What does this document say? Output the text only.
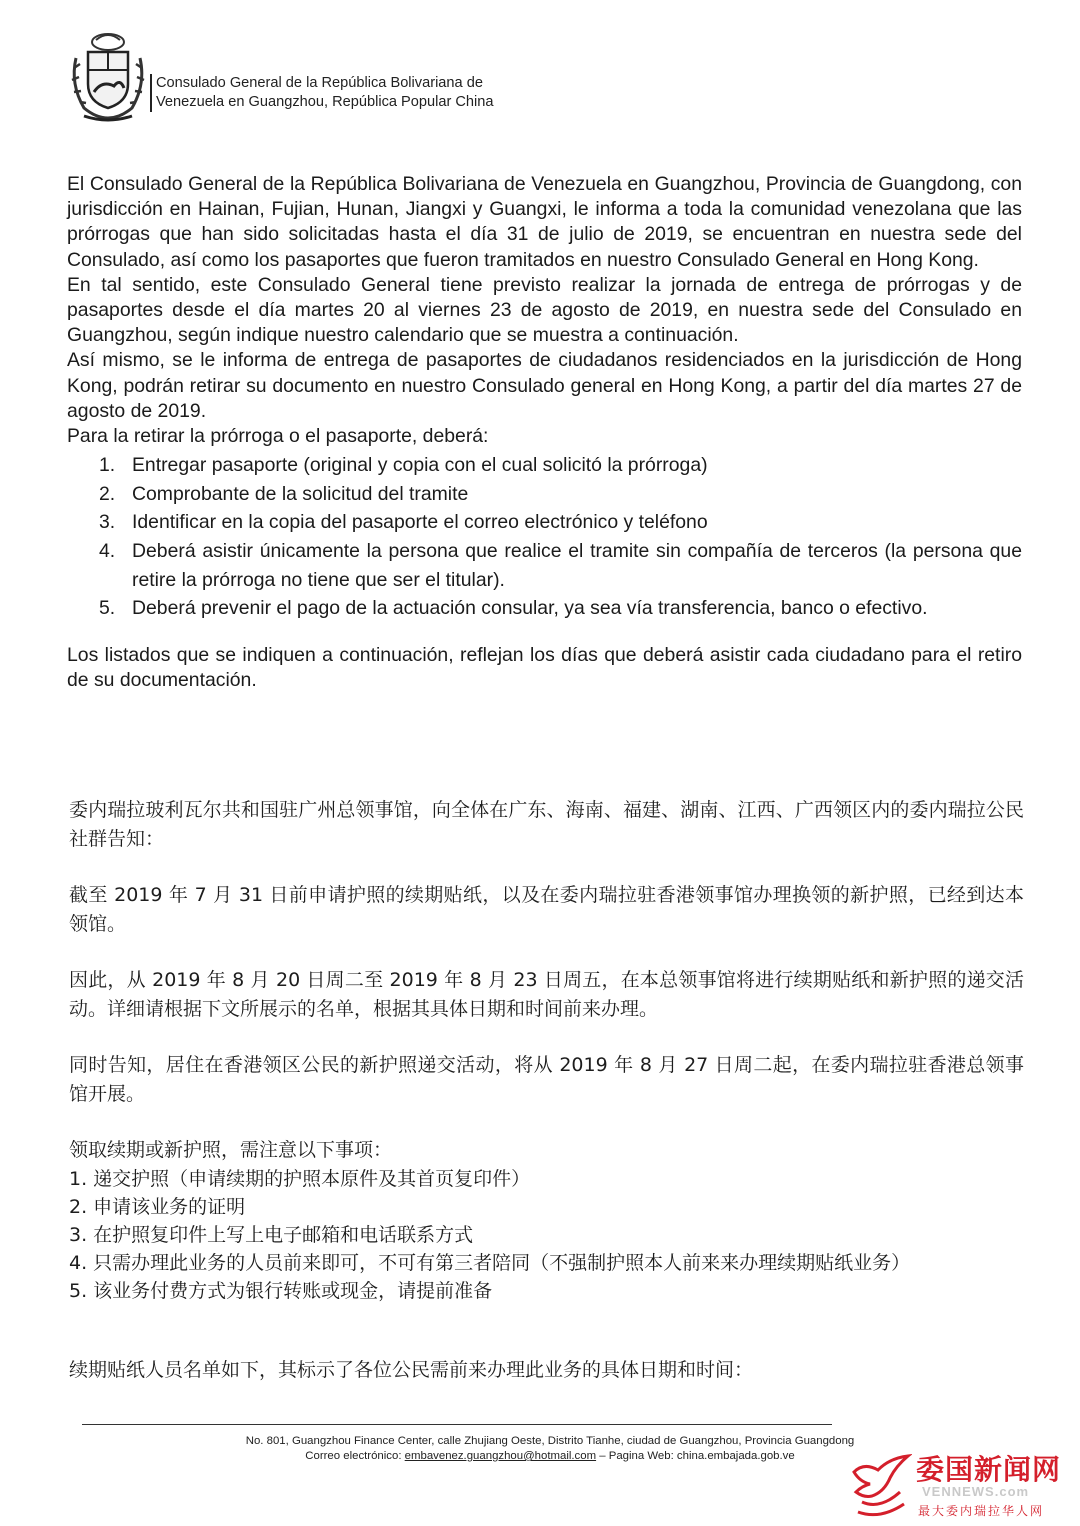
Consulado General de la República Bolivariana de
Venezuela en Guangzhou, República Popular China

El Consulado General de la República Bolivariana de Venezuela en Guangzhou, Provincia de Guangdong, con jurisdicción en Hainan, Fujian, Hunan, Jiangxi y Guangxi, le informa a toda la comunidad venezolana que las prórrogas que han sido solicitadas hasta el día 31 de julio de 2019, se encuentran en nuestra sede del Consulado, así como los pasaportes que fueron tramitados en nuestro Consulado General en Hong Kong.

En tal sentido, este Consulado General tiene previsto realizar la jornada de entrega de prórrogas y de pasaportes desde el día martes 20 al viernes 23 de agosto de 2019, en nuestra sede del Consulado en Guangzhou, según indique nuestro calendario que se muestra a continuación.

Así mismo, se le informa de entrega de pasaportes de ciudadanos residenciados en la jurisdicción de Hong Kong, podrán retirar su documento en nuestro Consulado general en Hong Kong, a partir del día martes 27 de agosto de 2019.

Para la retirar la prórroga o el pasaporte, deberá:

1. Entregar pasaporte (original y copia con el cual solicitó la prórroga)
2. Comprobante de la solicitud del tramite
3. Identificar en la copia del pasaporte el correo electrónico y teléfono
4. Deberá asistir únicamente la persona que realice el tramite sin compañía de terceros (la persona que retire la prórroga no tiene que ser el titular).
5. Deberá prevenir el pago de la actuación consular, ya sea vía transferencia, banco o efectivo.

Los listados que se indiquen a continuación, reflejan los días que deberá asistir cada ciudadano para el retiro de su documentación.

委内瑞拉玻利瓦尔共和国驻广州总领事馆，向全体在广东、海南、福建、湖南、江西、广西领区内的委内瑞拉公民社群告知：

截至 2019 年 7 月 31 日前申请护照的续期贴纸，以及在委内瑞拉驻香港领事馆办理换领的新护照，已经到达本领馆。

因此，从 2019 年 8 月 20 日周二至 2019 年 8 月 23 日周五，在本总领事馆将进行续期贴纸和新护照的递交活动。详细请根据下文所展示的名单，根据其具体日期和时间前来办理。

同时告知，居住在香港领区公民的新护照递交活动，将从 2019 年 8 月 27 日周二起，在委内瑞拉驻香港总领事馆开展。

领取续期或新护照，需注意以下事项：

1. 递交护照（申请续期的护照本原件及其首页复印件）
2. 申请该业务的证明
3. 在护照复印件上写上电子邮箱和电话联系方式
4. 只需办理此业务的人员前来即可，不可有第三者陪同（不强制护照本人前来来办理续期贴纸业务）
5. 该业务付费方式为银行转账或现金，请提前准备

续期贴纸人员名单如下，其标示了各位公民需前来办理此业务的具体日期和时间：

No. 801, Guangzhou Finance Center, calle Zhujiang Oeste, Distrito Tianhe, ciudad de Guangzhou, Provincia Guangdong
Correo electrónico: embavenez.guangzhou@hotmail.com – Pagina Web: china.embajada.gob.ve	委国新闻网
VENNEWS.com
最大委内瑞拉华人网
